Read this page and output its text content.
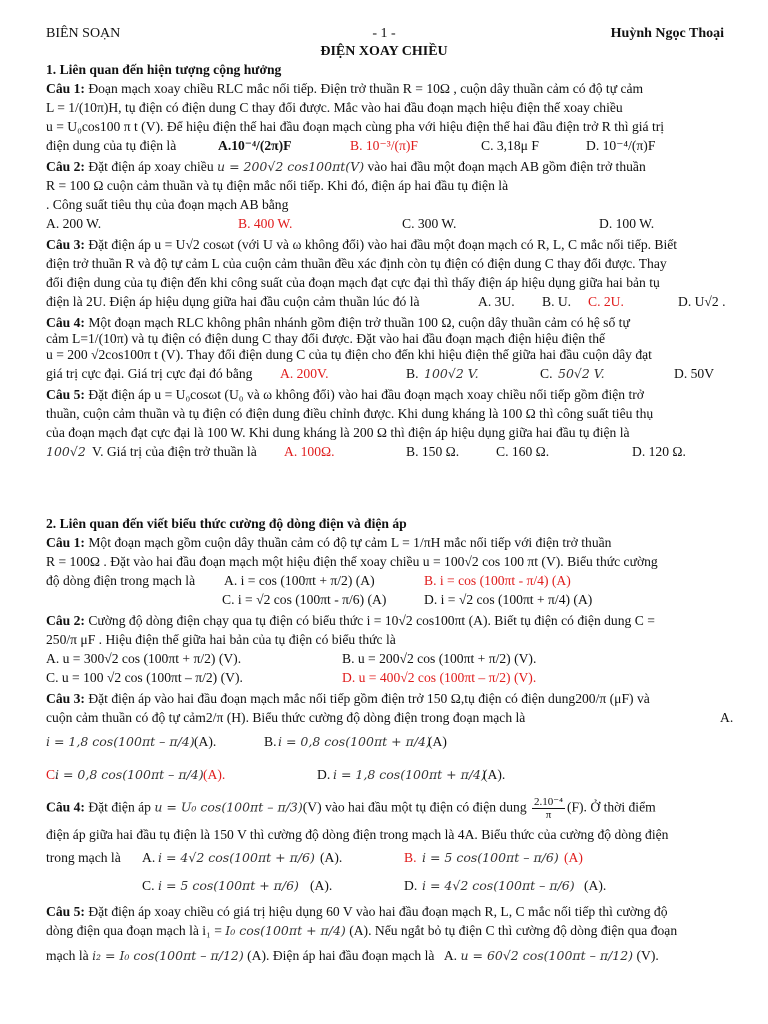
BIÊN SOẠN	- 1 -	Huỳnh Ngọc Thoại
ĐIỆN XOAY CHIỀU
1. Liên quan đến hiện tượng cộng hưởng
Câu 1: Đoạn mạch xoay chiều RLC mắc nối tiếp. Điện trở thuần R = 10Ω , cuộn dây thuần cảm có độ tự cảm
L = 1/(10π)H, tụ điện có điện dung C thay đổi được. Mắc vào hai đầu đoạn mạch hiệu điện thế xoay chiều
u = U₀cos100 π t (V). Để hiệu điện thế hai đầu đoạn mạch cùng pha với hiệu điện thế hai đầu điện trở R thì giá trị
điện dung của tụ điện là	A.10⁻⁴/(2π)F	B. 10⁻³/(π)F	C. 3,18μ F	D. 10⁻⁴/(π)F
Câu 2: Đặt điện áp xoay chiều u = 200√2 cos100πt(V) vào hai đầu một đoạn mạch AB gồm điện trở thuần
R = 100 Ω cuộn cảm thuần và tụ điện mắc nối tiếp. Khi đó, điện áp hai đầu tụ điện là
. Công suất tiêu thụ của đoạn mạch AB bằng
A. 200 W.	B. 400 W.	C. 300 W.	D. 100 W.
Câu 3: Đặt điện áp u = U√2 cosωt (với U và ω không đổi) vào hai đầu một đoạn mạch có R, L, C mắc nối tiếp. Biết
điện trở thuần R và độ tự cảm L của cuộn cảm thuần đều xác định còn tụ điện có điện dung C thay đổi được. Thay
đổi điện dung của tụ điện đến khi công suất của đoạn mạch đạt cực đại thì thấy điện áp hiệu dụng giữa hai bản tụ
điện là 2U. Điện áp hiệu dụng giữa hai đầu cuộn cảm thuần lúc đó là	A. 3U.	B. U.	C. 2U.	D. U√2 .
Câu 4: Một đoạn mạch RLC không phân nhánh gồm điện trở thuần 100 Ω, cuộn dây thuần cảm có hệ số tự
cảm L=1/(10π) và tụ điện có điện dung C thay đổi được. Đặt vào hai đầu đoạn mạch điện hiệu điện thế
u = 200 √2cos100π t (V). Thay đổi điện dung C của tụ điện cho đến khi hiệu điện thế giữa hai đầu cuộn dây đạt
giá trị cực đại. Giá trị cực đại đó bằng	A. 200V.	B. 100√2 V.	C. 50√2 V.	D. 50V
Câu 5: Đặt điện áp u = U₀cosωt (U₀ và ω không đổi) vào hai đầu đoạn mạch xoay chiều nối tiếp gồm điện trở
thuần, cuộn cảm thuần và tụ điện có điện dung điều chỉnh được. Khi dung kháng là 100 Ω thì công suất tiêu thụ
của đoạn mạch đạt cực đại là 100 W. Khi dung kháng là 200 Ω thì điện áp hiệu dụng giữa hai đầu tụ điện là
100√2 V. Giá trị của điện trở thuần là	A. 100Ω.	B. 150 Ω.	C. 160 Ω.	D. 120 Ω.
2. Liên quan đến viết biểu thức cường độ dòng điện và điện áp
Câu 1: Một đoạn mạch gồm cuộn dây thuần cảm có độ tự cảm L = 1/πH mắc nối tiếp với điện trở thuần
R = 100Ω . Đặt vào hai đầu đoạn mạch một hiệu điện thế xoay chiều u = 100√2 cos 100 πt (V). Biểu thức cường
độ dòng điện trong mạch là	A. i = cos (100πt + π/2) (A)	B. i = cos (100πt - π/4) (A)
C. i = √2 cos (100πt - π/6) (A)	D. i = √2 cos (100πt + π/4) (A)
Câu 2: Cường độ dòng điện chạy qua tụ điện có biểu thức i = 10√2 cos100πt (A). Biết tụ điện có điện dung C =
250/π μF . Hiệu điện thế giữa hai bản của tụ điện có biểu thức là
A. u = 300√2 cos (100πt + π/2) (V).	B. u = 200√2 cos (100πt + π/2) (V).
C. u = 100 √2 cos (100πt – π/2) (V).	D. u = 400√2 cos (100πt – π/2) (V).
Câu 3: Đặt điện áp vào hai đầu đoạn mạch mắc nối tiếp gồm điện trở 150 Ω,tụ điện có điện dung200/π (μF) và
cuộn cảm thuần có độ tự cảm2/π (H). Biểu thức cường độ dòng điện trong đoạn mạch là	A.
i = 1,8 cos(100πt – π/4) (A).	B. i = 0,8 cos(100πt + π/4)
(A)
C.
i = 0,8 cos(100πt – π/4) (A).	D. i = 1,8 cos(100πt + π/4)
(A).
Câu 4: Đặt điện áp u = U₀ cos(100πt – π/3)(V) vào hai đầu một tụ điện có điện dung $\frac{\text{2.10⁻⁴}}{\pi} (F)$. Ở thời điểm
điện áp giữa hai đầu tụ điện là 150 V thì cường độ dòng điện trong mạch là 4A. Biểu thức của cường độ dòng điện
trong mạch là	A. i = 4√2 cos(100πt + π/6) (A).	B. i = 5 cos(100πt – π/6) (A)
C. i = 5 cos(100πt + π/6) (A).	D. i = 4√2 cos(100πt – π/6) (A).
Câu 5: Đặt điện áp xoay chiều có giá trị hiệu dụng 60 V vào hai đầu đoạn mạch R, L, C mắc nối tiếp thì cường độ
dòng điện qua đoạn mạch là i₁ = I₀ cos(100πt + π/4) (A). Nếu ngắt bỏ tụ điện C thì cường độ dòng điện qua đoạn
mạch là i₂ = I₀ cos(100πt – π/12) (A). Điện áp hai đầu đoạn mạch là A. u = 60√2 cos(100πt – π/12) (V).
